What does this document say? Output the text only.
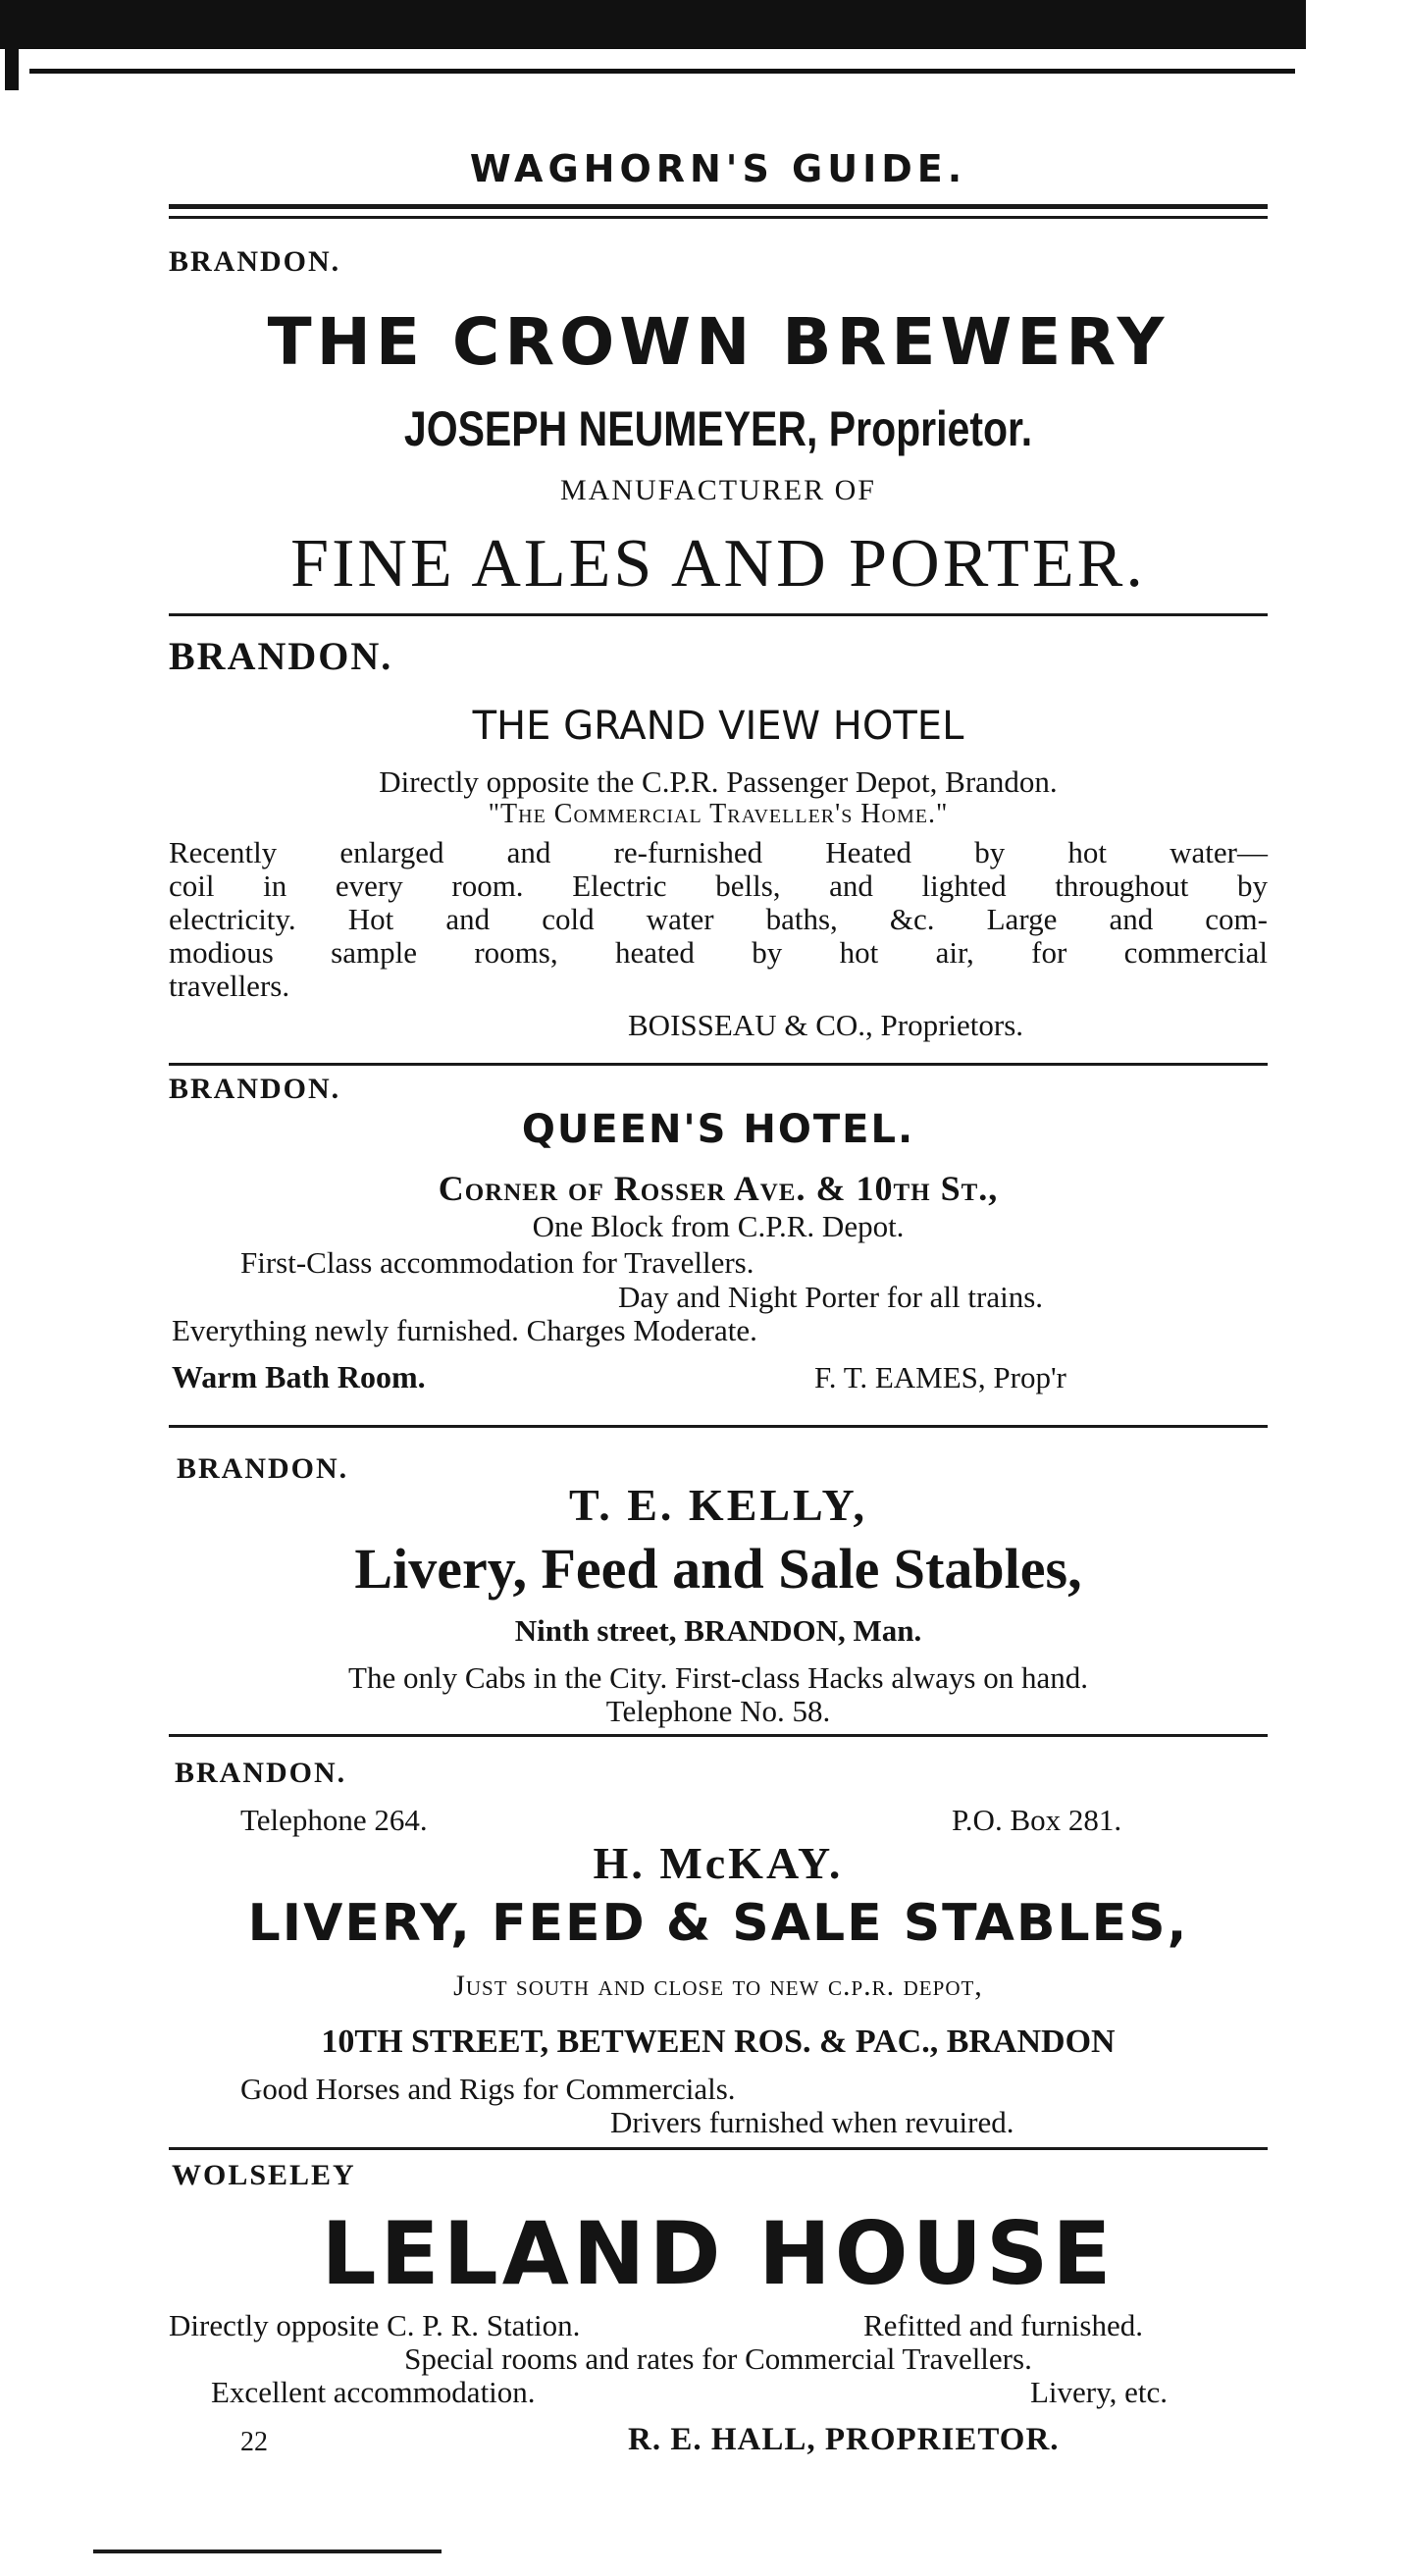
WAGHORN'S GUIDE.
BRANDON.
THE CROWN BREWERY
JOSEPH NEUMEYER, Proprietor.
MANUFACTURER OF
FINE ALES AND PORTER.
BRANDON.
THE GRAND VIEW HOTEL
Directly opposite the C.P.R. Passenger Depot, Brandon.
"The Commercial Traveller's Home."
Recently enlarged and re-furnished Heated by hot water—
coil in every room. Electric bells, and lighted throughout by
electricity. Hot and cold water baths, &c. Large and com-
modious sample rooms, heated by hot air, for commercial
travellers.
BOISSEAU & CO., Proprietors.
BRANDON.
QUEEN'S HOTEL.
Corner of Rosser Ave. & 10th St.,
One Block from C.P.R. Depot.
First-Class accommodation for Travellers.
Day and Night Porter for all trains.
Everything newly furnished. Charges Moderate.
Warm Bath Room.	F. T. EAMES, Prop'r
BRANDON.
T. E. KELLY,
Livery, Feed and Sale Stables,
Ninth street, BRANDON, Man.
The only Cabs in the City. First-class Hacks always on hand.
Telephone No. 58.
BRANDON.
Telephone 264.	P.O. Box 281.
H. McKAY.
LIVERY, FEED & SALE STABLES,
Just south and close to new c.p.r. depot,
10TH STREET, BETWEEN ROS. & PAC., BRANDON
Good Horses and Rigs for Commercials.
Drivers furnished when revuired.
WOLSELEY
LELAND HOUSE
Directly opposite C. P. R. Station.	Refitted and furnished.
Special rooms and rates for Commercial Travellers.
Excellent accommodation.	Livery, etc.
22	R. E. HALL, PROPRIETOR.
